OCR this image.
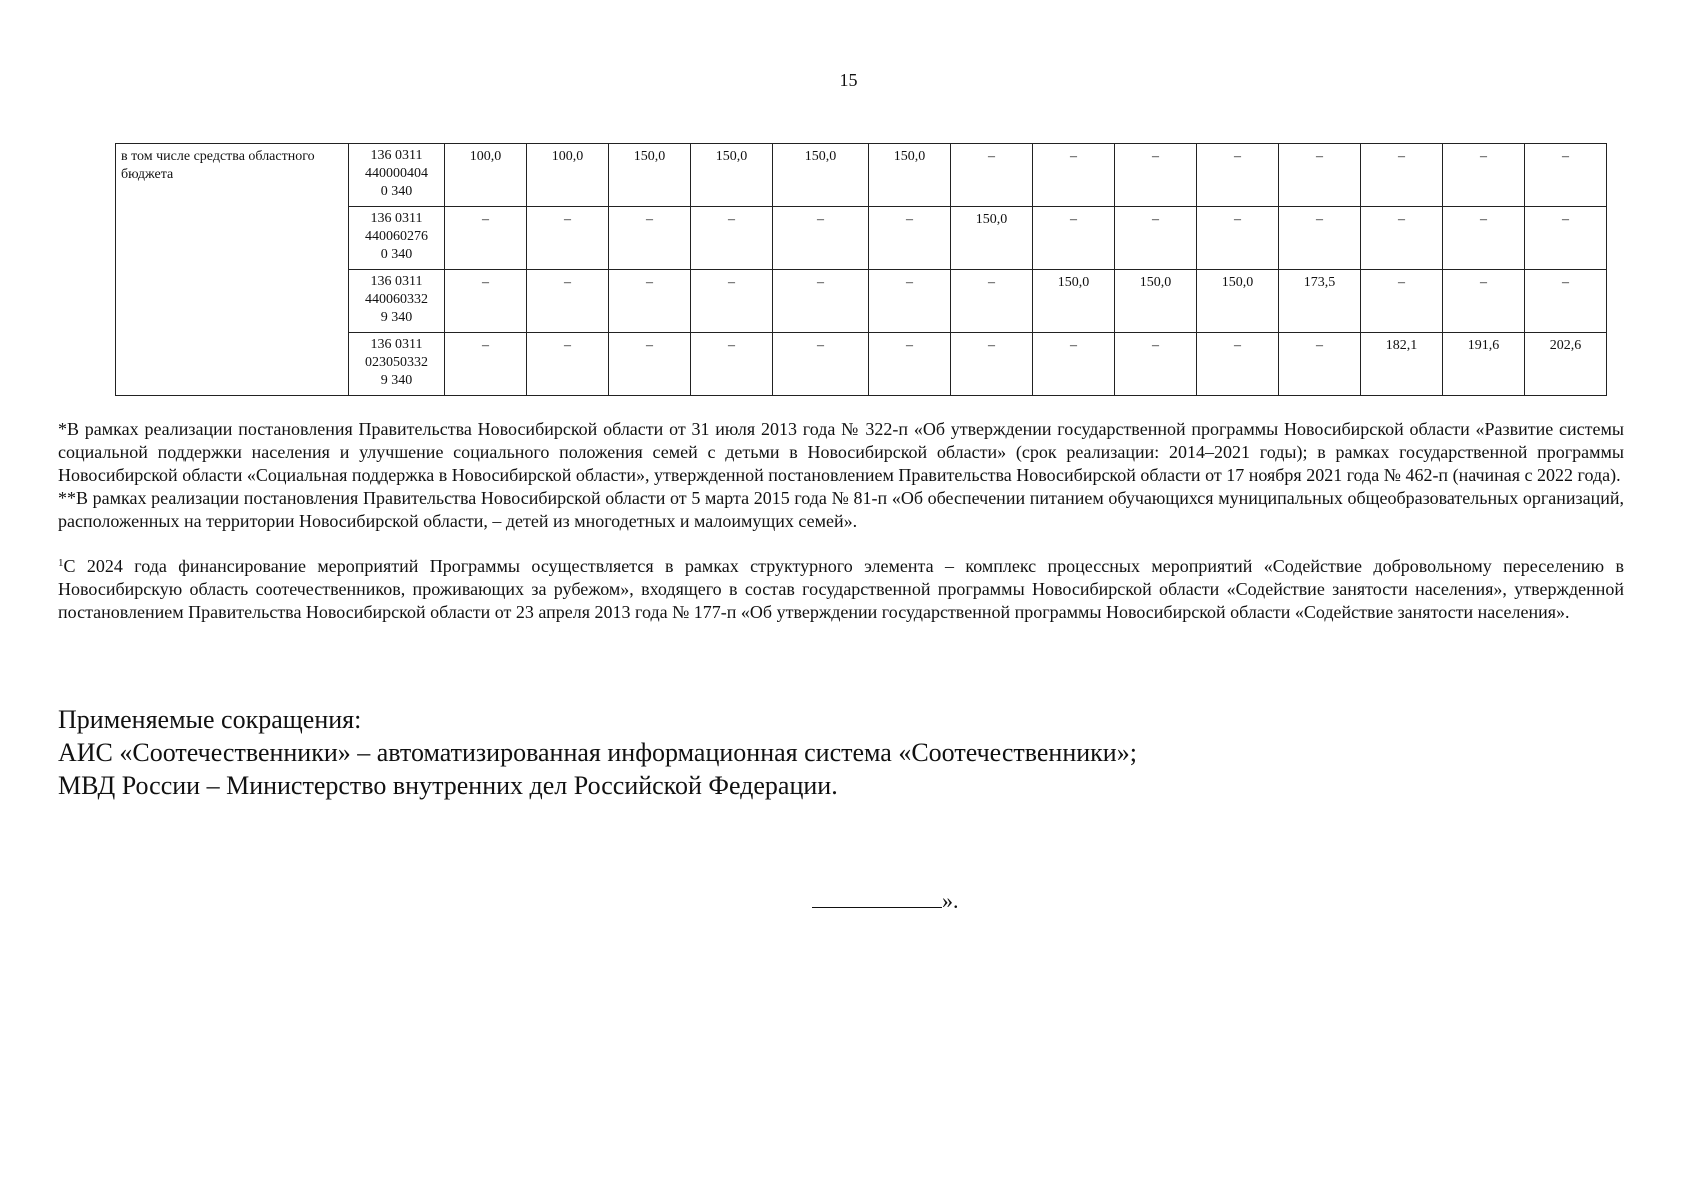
15
в том числе средства областного бюджета	136 0311
440000404
0 340	100,0	100,0	150,0	150,0	150,0	150,0	–	–	–	–	–	–	–	–

	136 0311
440060276
0 340	–	–	–	–	–	–	150,0	–	–	–	–	–	–	–

	136 0311
440060332
9 340	–	–	–	–	–	–	–	150,0	150,0	150,0	173,5	–	–	–

	136 0311
023050332
9 340	–	–	–	–	–	–	–	–	–	–	–	182,1	191,6	202,6

*В рамках реализации постановления Правительства Новосибирской области от 31 июля 2013 года № 322-п «Об утверждении государственной программы Новосибирской области «Развитие системы социальной поддержки населения и улучшение социального положения семей с детьми в Новосибирской области» (срок реализации: 2014–2021 годы); в рамках государственной программы Новосибирской области «Социальная поддержка в Новосибирской области», утвержденной постановлением Правительства Новосибирской области от 17 ноября 2021 года № 462-п (начиная с 2022 года).

**В рамках реализации постановления Правительства Новосибирской области от 5 марта 2015 года № 81-п «Об обеспечении питанием обучающихся муниципальных общеобразовательных организаций, расположенных на территории Новосибирской области, – детей из многодетных и малоимущих семей».

$^1$С 2024 года финансирование мероприятий Программы осуществляется в рамках структурного элемента – комплекс процессных мероприятий «Содействие добровольному переселению в Новосибирскую область соотечественников, проживающих за рубежом», входящего в состав государственной программы Новосибирской области «Содействие занятости населения», утвержденной постановлением Правительства Новосибирской области от 23 апреля 2013 года № 177-п «Об утверждении государственной программы Новосибирской области «Содействие занятости населения».

Применяемые сокращения:

АИС «Соотечественники» – автоматизированная информационная система «Соотечественники»;

МВД России – Министерство внутренних дел Российской Федерации.

».
